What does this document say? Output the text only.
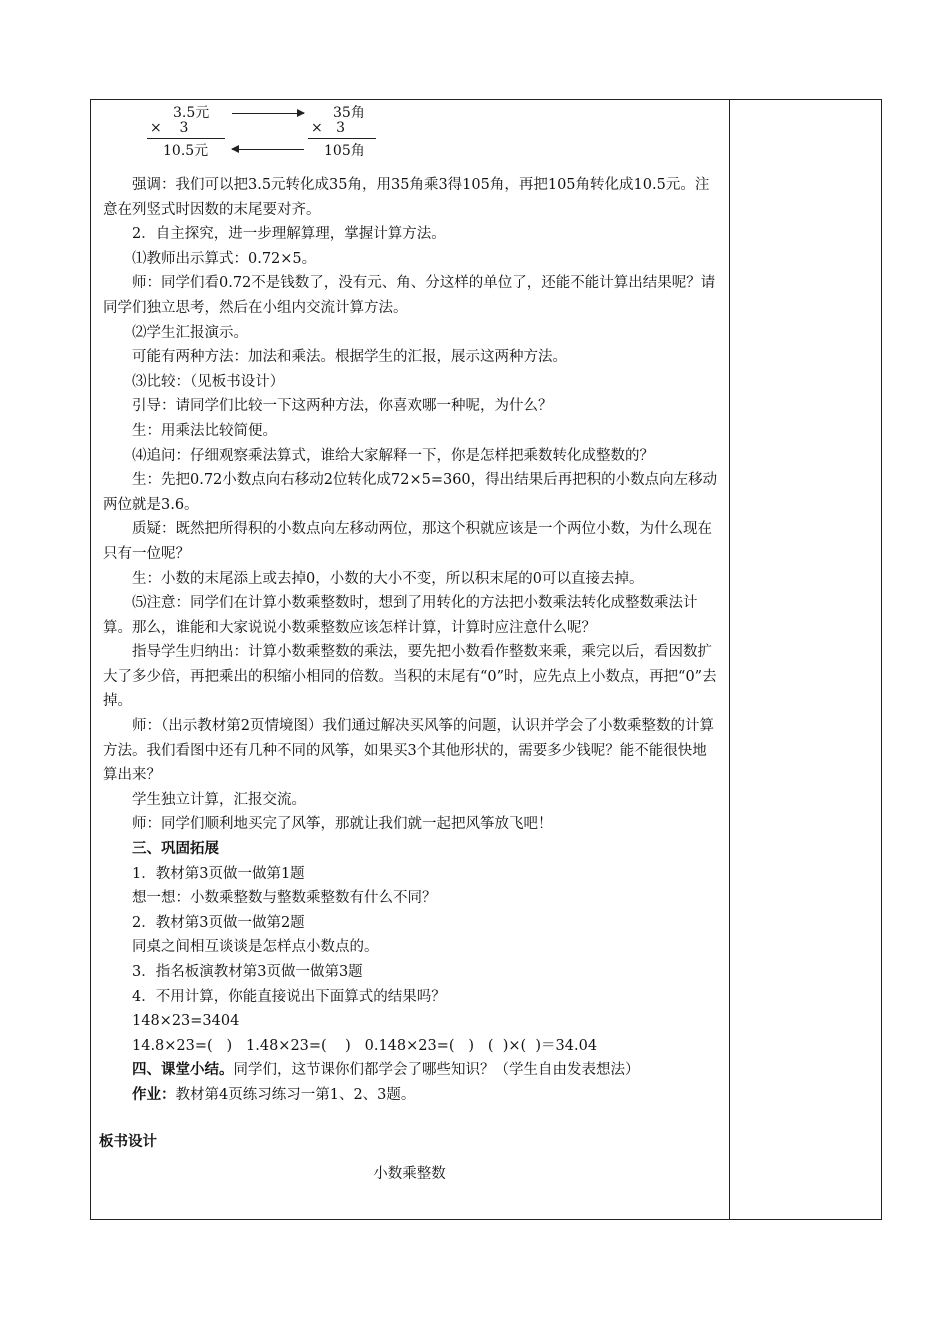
3.5元
×    3
10.5元
35角
×   3
105角

强调：我们可以把3.5元转化成35角，用35角乘3得105角，再把105角转化成10.5元。注意在列竖式时因数的末尾要对齐。

2．自主探究，进一步理解算理，掌握计算方法。

⑴教师出示算式：0.72×5。

师：同学们看0.72不是钱数了，没有元、角、分这样的单位了，还能不能计算出结果呢？请同学们独立思考，然后在小组内交流计算方法。

⑵学生汇报演示。

可能有两种方法：加法和乘法。根据学生的汇报，展示这两种方法。

⑶比较：（见板书设计）

引导：请同学们比较一下这两种方法，你喜欢哪一种呢，为什么？

生：用乘法比较简便。

⑷追问：仔细观察乘法算式，谁给大家解释一下，你是怎样把乘数转化成整数的？

生：先把0.72小数点向右移动2位转化成72×5=360，得出结果后再把积的小数点向左移动两位就是3.6。

质疑：既然把所得积的小数点向左移动两位，那这个积就应该是一个两位小数，为什么现在只有一位呢？

生：小数的末尾添上或去掉0，小数的大小不变，所以积末尾的0可以直接去掉。

⑸注意：同学们在计算小数乘整数时，想到了用转化的方法把小数乘法转化成整数乘法计算。那么，谁能和大家说说小数乘整数应该怎样计算，计算时应注意什么呢？

指导学生归纳出：计算小数乘整数的乘法，要先把小数看作整数来乘，乘完以后，看因数扩大了多少倍，再把乘出的积缩小相同的倍数。当积的末尾有“0”时，应先点上小数点，再把“0”去掉。

师：（出示教材第2页情境图）我们通过解决买风筝的问题，认识并学会了小数乘整数的计算方法。我们看图中还有几种不同的风筝，如果买3个其他形状的，需要多少钱呢？能不能很快地算出来？

学生独立计算，汇报交流。

师：同学们顺利地买完了风筝，那就让我们就一起把风筝放飞吧！

三、巩固拓展

1．教材第3页做一做第1题

想一想：小数乘整数与整数乘整数有什么不同？

2．教材第3页做一做第2题

同桌之间相互谈谈是怎样点小数点的。

3．指名板演教材第3页做一做第3题

4．不用计算，你能直接说出下面算式的结果吗？

148×23=3404

14.8×23=(   )   1.48×23=(    )   0.148×23=(   )   (  )×(  )＝34.04

四、课堂小结。同学们，这节课你们都学会了哪些知识？（学生自由发表想法）

作业：教材第4页练习练习一第1、2、3题。

板书设计

小数乘整数
